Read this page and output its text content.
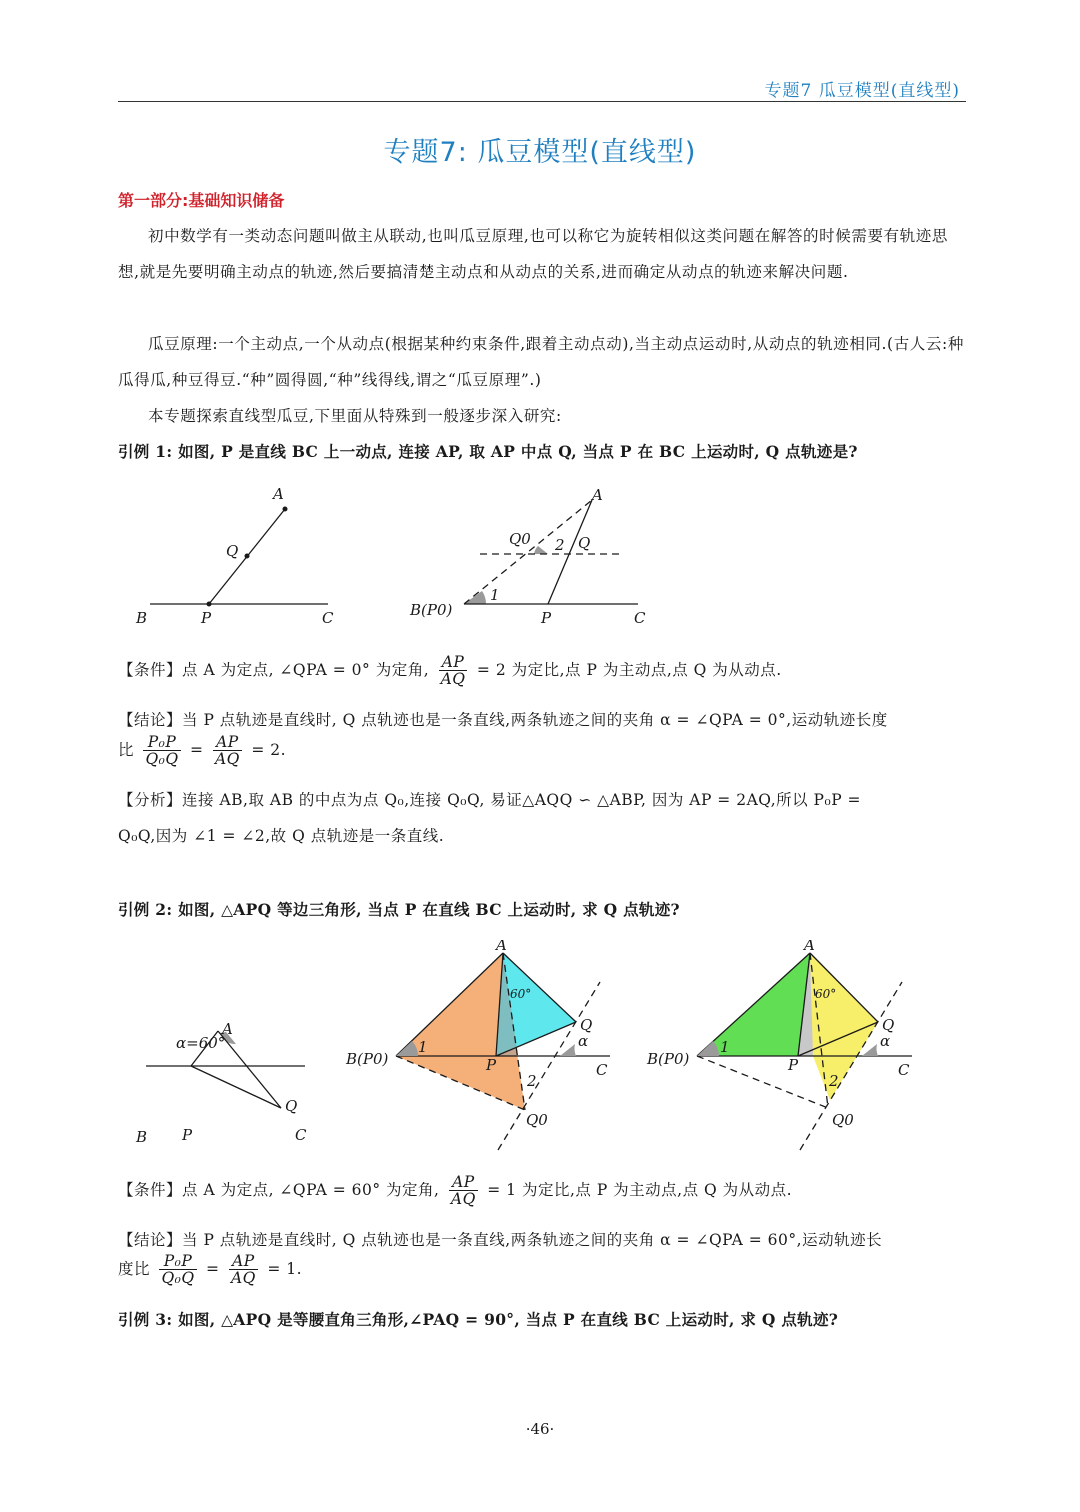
专题7 瓜豆模型(直线型)
专题7: 瓜豆模型(直线型)
第一部分:基础知识储备
初中数学有一类动态问题叫做主从联动,也叫瓜豆原理,也可以称它为旋转相似这类问题在解答的时候需要有轨迹思想,就是先要明确主动点的轨迹,然后要搞清楚主动点和从动点的关系,进而确定从动点的轨迹来解决问题.
瓜豆原理:一个主动点,一个从动点(根据某种约束条件,跟着主动点动),当主动点运动时,从动点的轨迹相同.(古人云:种瓜得瓜,种豆得豆.“种”圆得圆,“种”线得线,谓之“瓜豆原理”.)
本专题探索直线型瓜豆,下里面从特殊到一般逐步深入研究:
引例 1: 如图, P 是直线 BC 上一动点, 连接 AP, 取 AP 中点 Q, 当点 P 在 BC 上运动时, Q 点轨迹是?
A
Q
B	P	C
A
Q0 2 Q
1
B(P0)	P	C
【条件】点 A 为定点, ∠QPA = 0° 为定角, $\frac{AP}{AQ} = 2$ 为定比,点 P 为主动点,点 Q 为从动点.
【结论】当 P 点轨迹是直线时, Q 点轨迹也是一条直线,两条轨迹之间的夹角 α = ∠QPA = 0°,运动轨迹长度
比 $\frac{\text{P₀P}}{\text{Q₀Q}} = \frac{AP}{AQ} = 2$.
【分析】连接 AB,取 AB 的中点为点 Q₀,连接 Q₀Q, 易证△AQQ ∽ △ABP, 因为 AP = 2AQ,所以 P₀P =
Q₀Q,因为 ∠1 = ∠2,故 Q 点轨迹是一条直线.
引例 2: 如图, △APQ 等边三角形, 当点 P 在直线 BC 上运动时, 求 Q 点轨迹?
α=60°
A
Q
B P	C
A
60°
Q
B(P0)
1
P
α
C
2
Q0
A
60°
Q
B(P0)
1
P
α
C
2
Q0
【条件】点 A 为定点, ∠QPA = 60° 为定角, $\frac{AP}{AQ} = 1$ 为定比,点 P 为主动点,点 Q 为从动点.
【结论】当 P 点轨迹是直线时, Q 点轨迹也是一条直线,两条轨迹之间的夹角 α = ∠QPA = 60°,运动轨迹长
度比 $\frac{\text{P₀P}}{\text{Q₀Q}} = \frac{AP}{AQ} = 1$.
引例 3: 如图, △APQ 是等腰直角三角形,∠PAQ = 90°, 当点 P 在直线 BC 上运动时, 求 Q 点轨迹?
·46·
